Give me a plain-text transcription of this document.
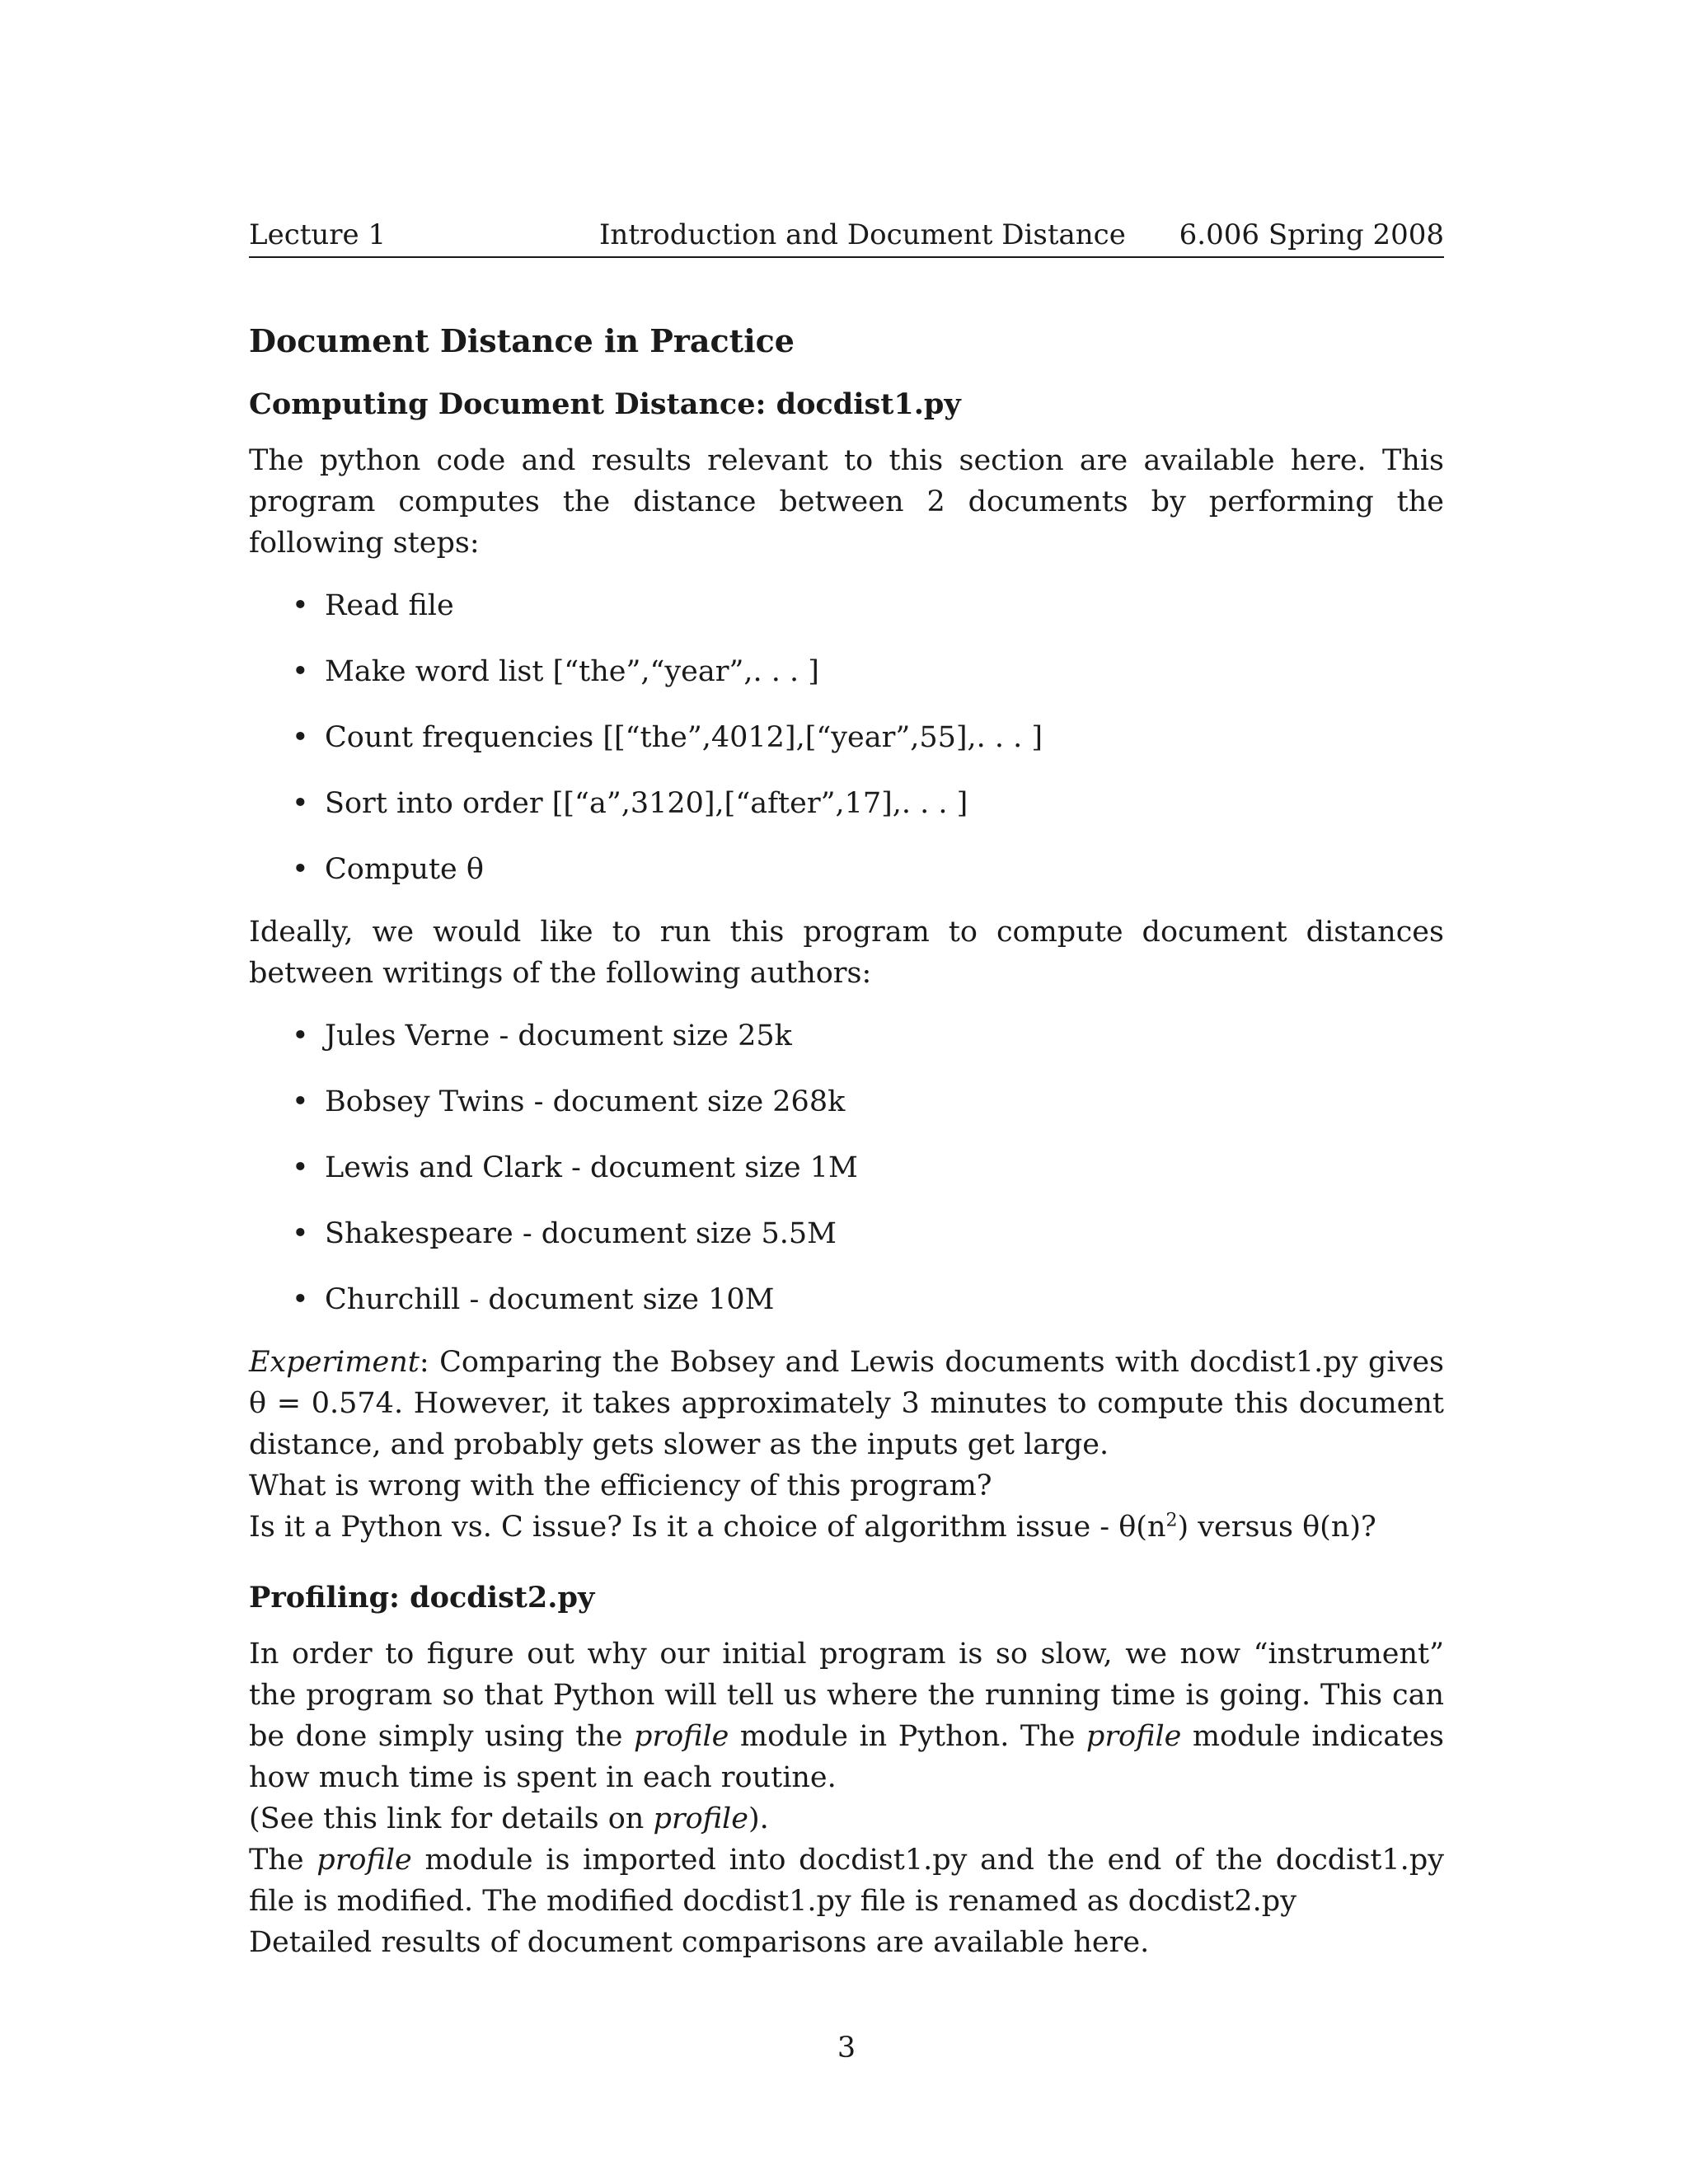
Lecture 1	Introduction and Document Distance 6.006 Spring 2008
Document Distance in Practice
Computing Document Distance: docdist1.py

The python code and results relevant to this section are available here. This program computes the distance between 2 documents by performing the following steps:

• Read file
• Make word list [“the”,“year”,. . . ]
• Count frequencies [[“the”,4012],[“year”,55],. . . ]
• Sort into order [[“a”,3120],[“after”,17],. . . ]
• Compute θ

Ideally, we would like to run this program to compute document distances between writings of the following authors:

• Jules Verne - document size 25k
• Bobsey Twins - document size 268k
• Lewis and Clark - document size 1M
• Shakespeare - document size 5.5M
• Churchill - document size 10M

Experiment: Comparing the Bobsey and Lewis documents with docdist1.py gives θ = 0.574. However, it takes approximately 3 minutes to compute this document distance, and probably gets slower as the inputs get large.

What is wrong with the efficiency of this program?

Is it a Python vs. C issue? Is it a choice of algorithm issue - $\theta(n^2)$ versus θ(n)?

Profiling: docdist2.py

In order to figure out why our initial program is so slow, we now “instrument” the program so that Python will tell us where the running time is going. This can be done simply using the profile module in Python. The profile module indicates how much time is spent in each routine.

(See this link for details on profile).

The profile module is imported into docdist1.py and the end of the docdist1.py file is modified. The modified docdist1.py file is renamed as docdist2.py

Detailed results of document comparisons are available here.

3
